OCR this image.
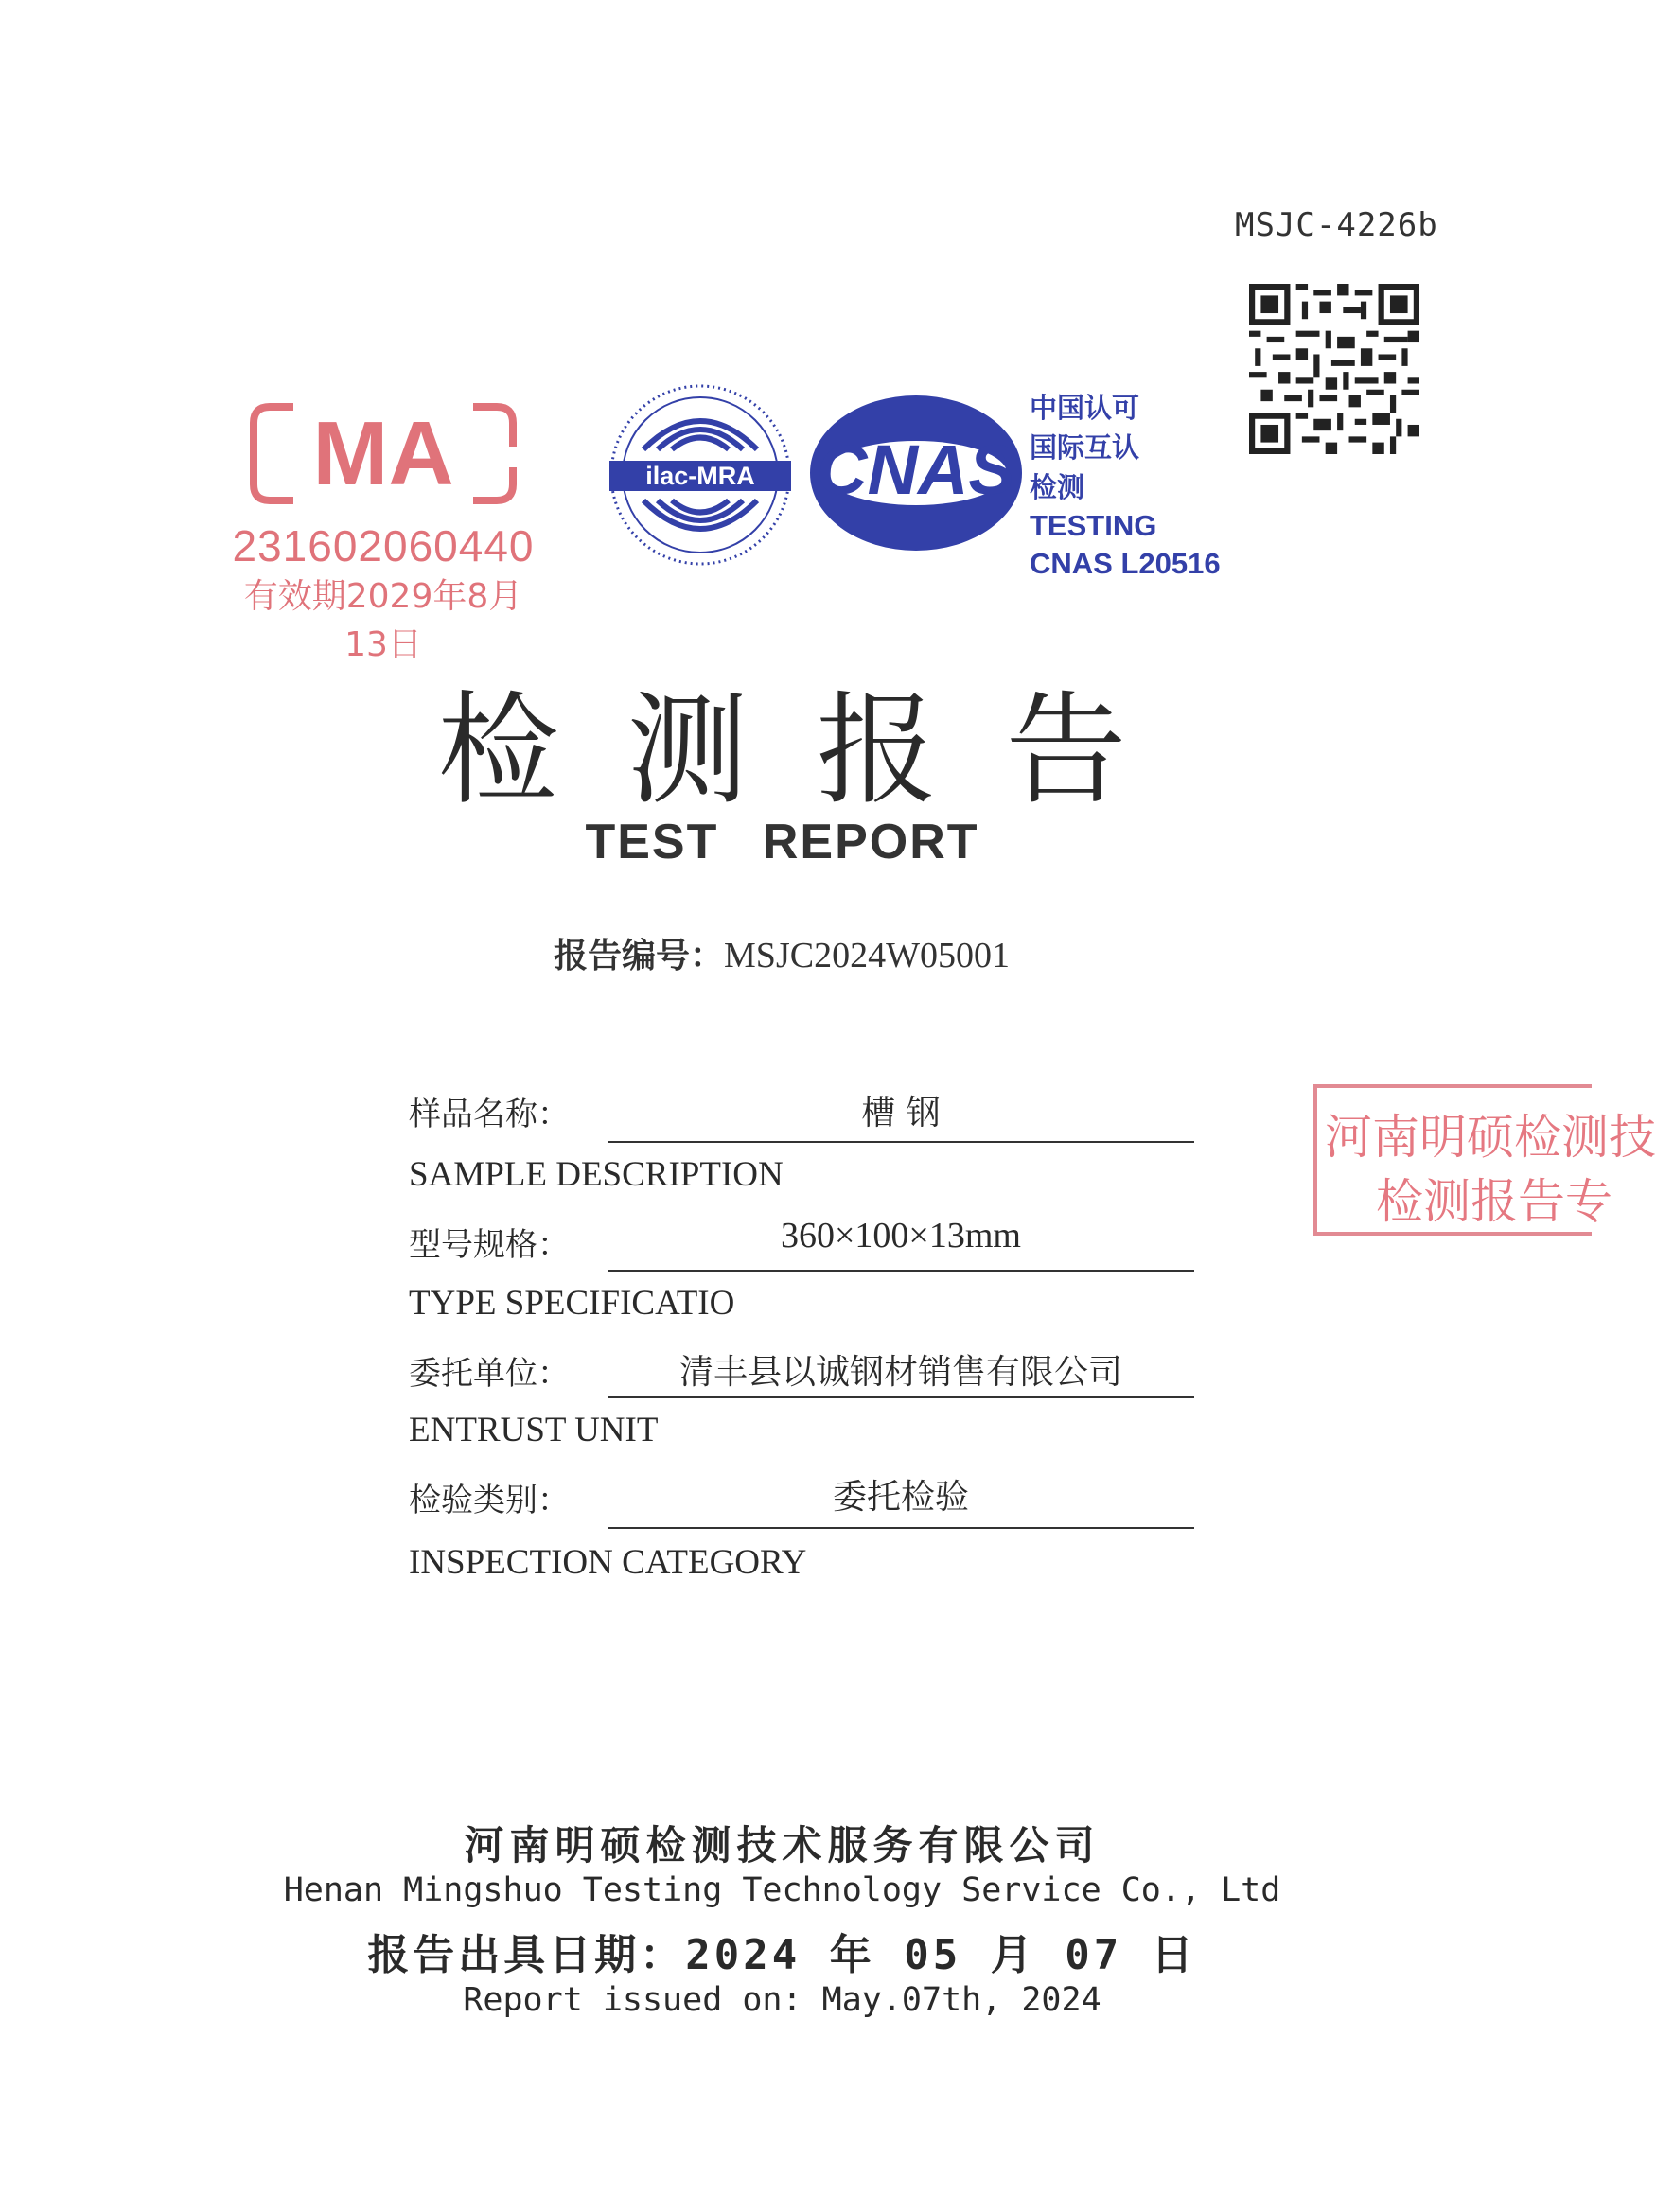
MSJC-4226b
MA
231602060440
有效期2029年8月13日
ilac-MRA CNAS
中国认可
国际互认
检测
TESTING
CNAS L20516
检测报告
TEST REPORT
报告编号：MSJC2024W05001
样品名称：	槽 钢
SAMPLE DESCRIPTION
型号规格：	360×100×13mm
TYPE SPECIFICATIO
委托单位：	清丰县以诚钢材销售有限公司
ENTRUST UNIT
检验类别：	委托检验
INSPECTION CATEGORY
河南明硕检测技
检测报告专
河南明硕检测技术服务有限公司
Henan Mingshuo Testing Technology Service Co., Ltd
报告出具日期：2024 年 05 月 07 日
Report issued on: May.07th, 2024
